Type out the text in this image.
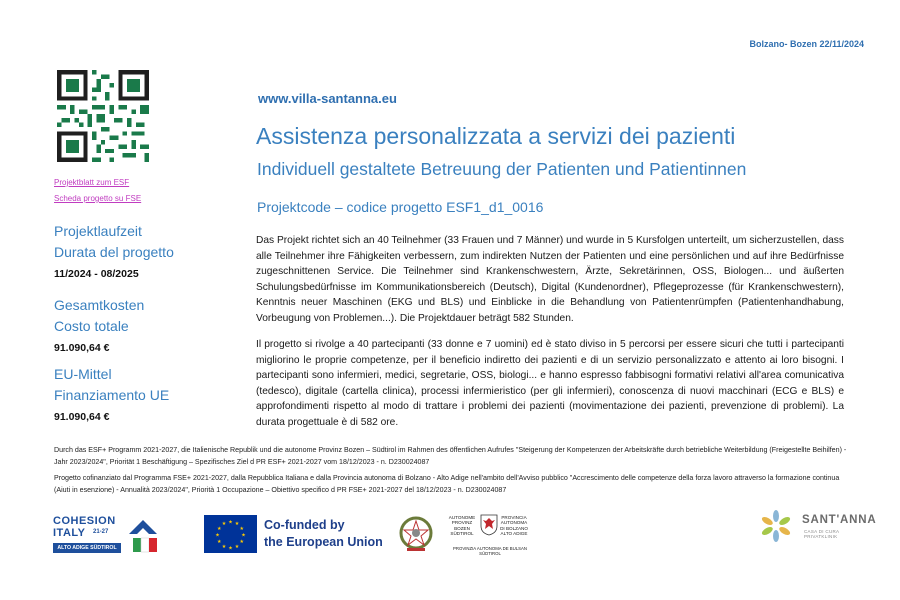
Bolzano- Bozen 22/11/2024
Projektblatt zum ESF
Scheda progetto su FSE
Projektlaufzeit
Durata del progetto
11/2024 - 08/2025
Gesamtkosten
Costo totale
91.090,64 €
EU-Mittel
Finanziamento UE
91.090,64 €
www.villa-santanna.eu
Assistenza personalizzata a servizi dei pazienti
Individuell gestaltete Betreuung der Patienten und Patientinnen
Projektcode – codice progetto ESF1_d1_0016

Das Projekt richtet sich an 40 Teilnehmer (33 Frauen und 7 Männer) und wurde in 5 Kursfolgen unterteilt, um sicherzustellen, dass alle Teilnehmer ihre Fähigkeiten verbessern, zum indirekten Nutzen der Patienten und eine persönlichen und auf ihre Bedürfnisse zugeschnittenen Service. Die Teilnehmer sind Krankenschwestern, Ärzte, Sekretärinnen, OSS, Biologen... und äußerten Schulungsbedürfnisse im Kommunikationsbereich (Deutsch), Digital (Kundenordner), Pflegeprozesse (für Krankenschwestern), Kenntnis neuer Maschinen (EKG und BLS) und Einblicke in die Behandlung von Patientenrümpfen (Patientenhandhabung, Vorbeugung von Problemen...). Die Projektdauer beträgt 582 Stunden.

Il progetto si rivolge a 40 partecipanti (33 donne e 7 uomini) ed è stato diviso in 5 percorsi per essere sicuri che tutti i partecipanti migliorino le proprie competenze, per il beneficio indiretto dei pazienti e di un servizio personalizzato e attento ai loro bisogni. I partecipanti sono infermieri, medici, segretarie, OSS, biologi... e hanno espresso fabbisogni formativi relativi all'area comunicativa (tedesco), digitale (cartella clinica), processi infermieristico (per gli infermieri), conoscenza di nuovi macchinari (ECG e BLS) e approfondimenti rispetto al modo di trattare i problemi dei pazienti (movimentazione dei pazienti, prevenzione di problemi). La durata progettuale è di 582 ore.

Durch das ESF+ Programm 2021-2027, die Italienische Republik und die autonome Provinz Bozen – Südtirol im Rahmen des öffentlichen Aufrufes "Steigerung der Kompetenzen der Arbeitskräfte durch betriebliche Weiterbildung (Freigestellte Beihilfen) - Jahr 2023/2024", Priorität 1 Beschäftigung – Spezifisches Ziel d PR ESF+ 2021-2027 vom 18/12/2023 - n. D230024087

Progetto cofinanziato dal Programma FSE+ 2021-2027, dalla Repubblica Italiana e dalla Provincia autonoma di Bolzano - Alto Adige nell'ambito dell'Avviso pubblico "Accrescimento delle competenze della forza lavoro attraverso la formazione continua (Aiuti in esenzione) - Annualità 2023/2024", Priorità 1 Occupazione – Obiettivo specifico d PR FSE+ 2021-2027 del 18/12/2023 - n. D230024087

COHESION
ITALY 21-27
ALTO ADIGE SÜDTIROL
★ ★
★
★
★
★
★
★
★
★
★
★	Co-funded by
the European Union
AUTONOME PROVINZ BOZEN SÜDTIROL
PROVINCIA AUTONOMA DI BOLZANO ALTO ADIGE
PROVINZIA AUTONOMA DE BULSAN SÜDTIROL
SANT'ANNA
CASA DI CURA PRIVATKLINIK
